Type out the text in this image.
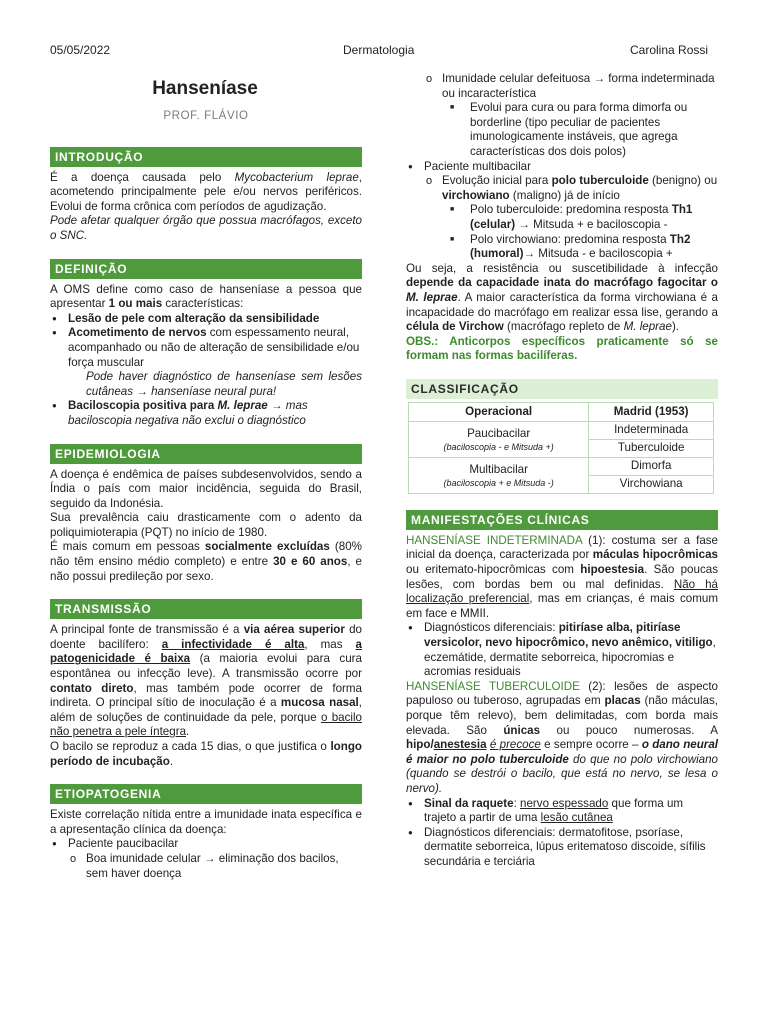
05/05/2022	Dermatologia	Carolina Rossi
Hanseníase
PROF. FLÁVIO
INTRODUÇÃO

É a doença causada pelo Mycobacterium leprae, acometendo principalmente pele e/ou nervos periféricos. Evolui de forma crônica com períodos de agudização.

Pode afetar qualquer órgão que possua macrófagos, exceto o SNC.

DEFINIÇÃO

A OMS define como caso de hanseníase a pessoa que apresentar 1 ou mais características:

● Lesão de pele com alteração da sensibilidade
● Acometimento de nervos com espessamento neural, acompanhado ou não de alteração de sensibilidade e/ou força muscular

Pode haver diagnóstico de hanseníase sem lesões cutâneas → hanseníase neural pura!

● Baciloscopia positiva para M. leprae → mas baciloscopia negativa não exclui o diagnóstico
EPIDEMIOLOGIA

A doença é endêmica de países subdesenvolvidos, sendo a Índia o país com maior incidência, seguida do Brasil, seguido da Indonésia.

Sua prevalência caiu drasticamente com o adento da poliquimioterapia (PQT) no início de 1980.

É mais comum em pessoas socialmente excluídas (80% não têm ensino médio completo) e entre 30 e 60 anos, e não possui predileção por sexo.

TRANSMISSÃO

A principal fonte de transmissão é a via aérea superior do doente bacilífero: a infectividade é alta, mas a patogenicidade é baixa (a maioria evolui para cura espontânea ou infecção leve). A transmissão ocorre por contato direto, mas também pode ocorrer de forma indireta. O principal sítio de inoculação é a mucosa nasal, além de soluções de continuidade da pele, porque o bacilo não penetra a pele íntegra.

O bacilo se reproduz a cada 15 dias, o que justifica o longo período de incubação.

ETIOPATOGENIA

Existe correlação nítida entre a imunidade inata específica e a apresentação clínica da doença:

● Paciente paucibacilar
o Boa imunidade celular → eliminação dos bacilos, sem haver doença
o Imunidade celular defeituosa → forma indeterminada ou incaracterística
■ Evolui para cura ou para forma dimorfa ou borderline (tipo peculiar de pacientes imunologicamente instáveis, que agrega características dos dois polos)
● Paciente multibacilar
o Evolução inicial para polo tuberculoide (benigno) ou virchowiano (maligno) já de início
■ Polo tuberculoide: predomina resposta Th1 (celular) → Mitsuda + e baciloscopia -
■ Polo virchowiano: predomina resposta Th2 (humoral)→ Mitsuda - e baciloscopia +

Ou seja, a resistência ou suscetibilidade à infecção depende da capacidade inata do macrófago fagocitar o M. leprae. A maior característica da forma virchowiana é a incapacidade do macrófago em realizar essa lise, gerando a célula de Virchow (macrófago repleto de M. leprae).

OBS.: Anticorpos específicos praticamente só se formam nas formas bacilíferas.

CLASSIFICAÇÃO
Operacional	Madrid (1953)

Paucibacilar
(baciloscopia - e Mitsuda +)	Indeterminada
	Tuberculoide

Multibacilar
(baciloscopia + e Mitsuda -)	Dimorfa
	Virchowiana
MANIFESTAÇÕES CLÍNICAS

HANSENÍASE INDETERMINADA (1): costuma ser a fase inicial da doença, caracterizada por máculas hipocrômicas ou eritemato-hipocrômicas com hipoestesia. São poucas lesões, com bordas bem ou mal definidas. Não há localização preferencial, mas em crianças, é mais comum em face e MMII.

● Diagnósticos diferenciais: pitiríase alba, pitiríase versicolor, nevo hipocrômico, nevo anêmico, vitiligo, eczemátide, dermatite seborreica, hipocromias e acromias residuais

HANSENÍASE TUBERCULOIDE (2): lesões de aspecto papuloso ou tuberoso, agrupadas em placas (não máculas, porque têm relevo), bem delimitadas, com borda mais elevada. São únicas ou pouco numerosas. A hipo/anestesia é precoce e sempre ocorre – o dano neural é maior no polo tuberculoide do que no polo virchowiano (quando se destrói o bacilo, que está no nervo, se lesa o nervo).

● Sinal da raquete: nervo espessado que forma um trajeto a partir de uma lesão cutânea
● Diagnósticos diferenciais: dermatofitose, psoríase, dermatite seborreica, lúpus eritematoso discoide, sífilis secundária e terciária
